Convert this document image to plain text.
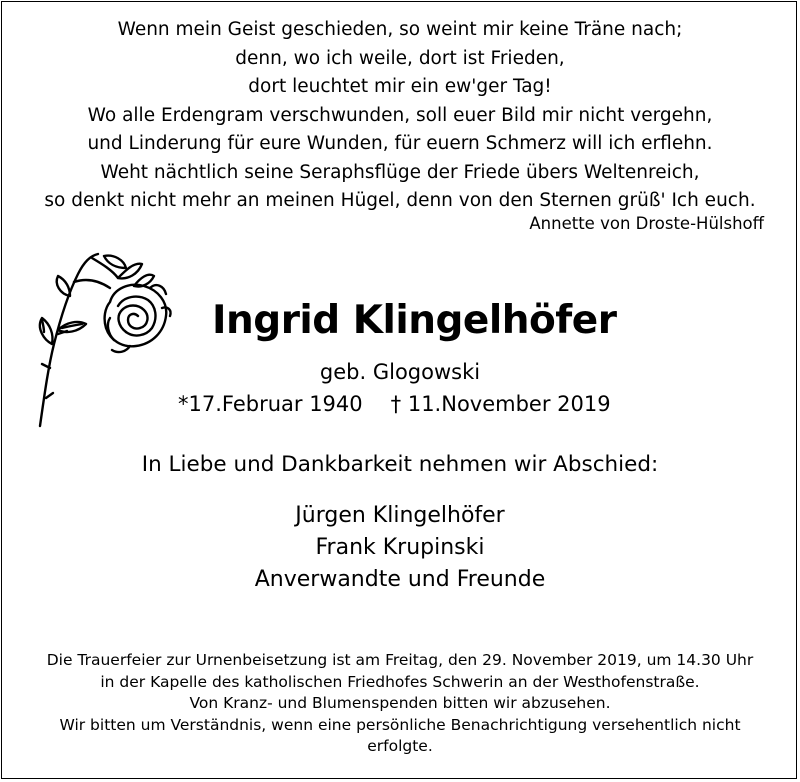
Wenn mein Geist geschieden, so weint mir keine Träne nach;
denn, wo ich weile, dort ist Frieden,
dort leuchtet mir ein ew'ger Tag!
Wo alle Erdengram verschwunden, soll euer Bild mir nicht vergehn,
und Linderung für eure Wunden, für euern Schmerz will ich erflehn.
Weht nächtlich seine Seraphsflüge der Friede übers Weltenreich,
so denkt nicht mehr an meinen Hügel, denn von den Sternen grüß' Ich euch.
Annette von Droste-Hülshoff
Ingrid Klingelhöfer
geb. Glogowski
*17.Februar 1940 † 11.November 2019
In Liebe und Dankbarkeit nehmen wir Abschied:
Jürgen Klingelhöfer
Frank Krupinski
Anverwandte und Freunde
Die Trauerfeier zur Urnenbeisetzung ist am Freitag, den 29. November 2019, um 14.30 Uhr
in der Kapelle des katholischen Friedhofes Schwerin an der Westhofenstraße.
Von Kranz- und Blumenspenden bitten wir abzusehen.
Wir bitten um Verständnis, wenn eine persönliche Benachrichtigung versehentlich nicht
erfolgte.
